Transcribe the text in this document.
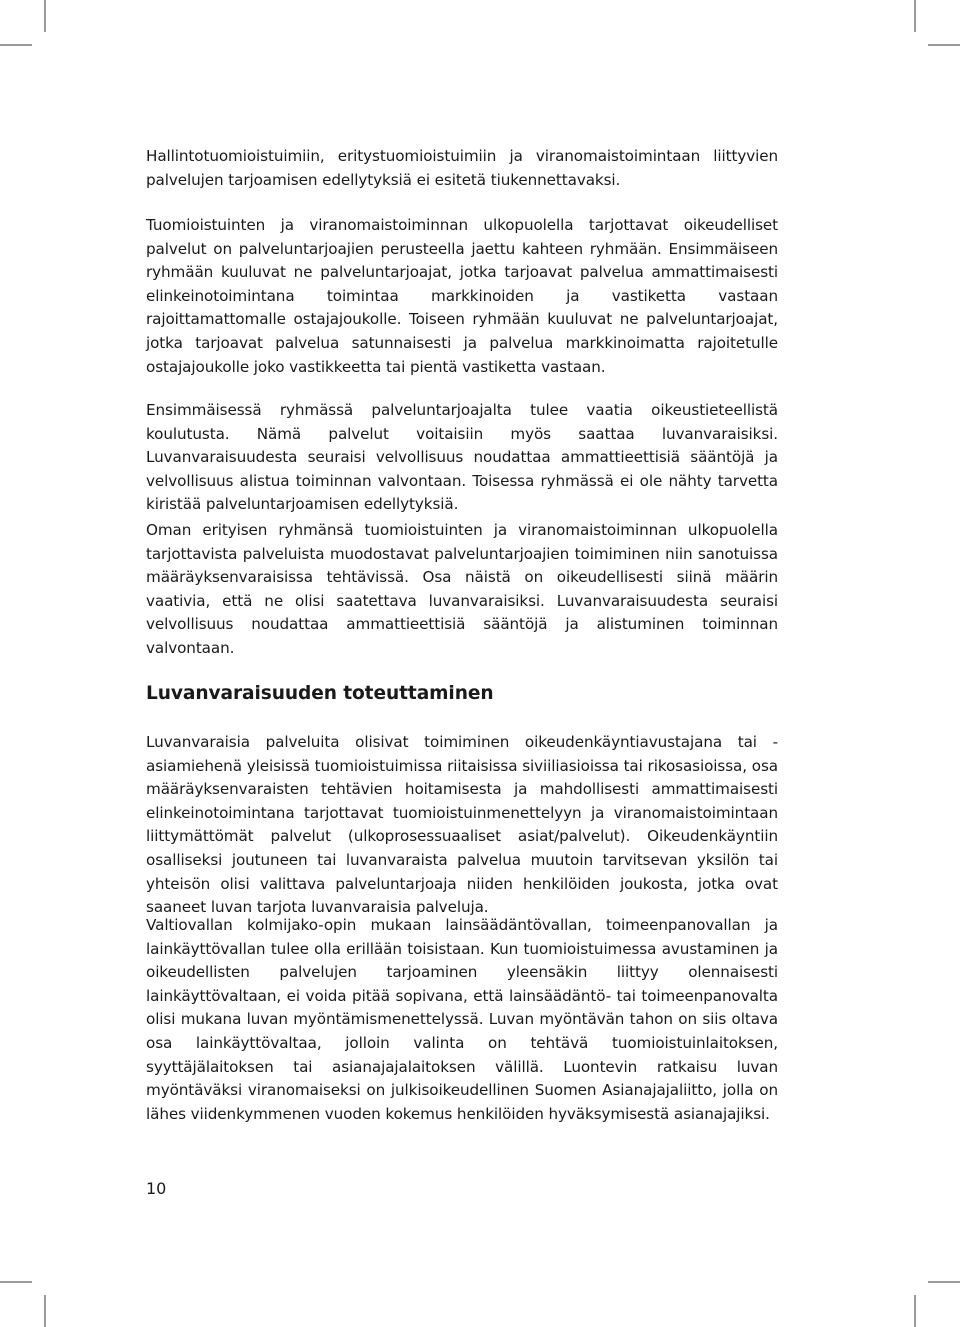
Hallintotuomioistuimiin, eritystuomioistuimiin ja viranomaistoimintaan liittyvien palvelujen tarjoamisen edellytyksiä ei esitetä tiukennettavaksi.

Tuomioistuinten ja viranomaistoiminnan ulkopuolella tarjottavat oikeudelliset palvelut on palveluntarjoajien perusteella jaettu kahteen ryhmään. Ensimmäiseen ryhmään kuuluvat ne palveluntarjoajat, jotka tarjoavat palvelua ammattimaisesti elinkeinotoimintana toimintaa markkinoiden ja vastiketta vastaan rajoittamattomalle ostajajoukolle. Toiseen ryhmään kuuluvat ne palveluntarjoajat, jotka tarjoavat palvelua satunnaisesti ja palvelua markkinoimatta rajoitetulle ostajajoukolle joko vastikkeetta tai pientä vastiketta vastaan.

Ensimmäisessä ryhmässä palveluntarjoajalta tulee vaatia oikeustieteellistä koulutusta. Nämä palvelut voitaisiin myös saattaa luvanvaraisiksi. Luvanvaraisuudesta seuraisi velvollisuus noudattaa ammattieettisiä sääntöjä ja velvollisuus alistua toiminnan valvontaan. Toisessa ryhmässä ei ole nähty tarvetta kiristää palveluntarjoamisen edellytyksiä.

Oman erityisen ryhmänsä tuomioistuinten ja viranomaistoiminnan ulkopuolella tarjottavista palveluista muodostavat palveluntarjoajien toimiminen niin sanotuissa määräyksenvaraisissa tehtävissä. Osa näistä on oikeudellisesti siinä määrin vaativia, että ne olisi saatettava luvanvaraisiksi. Luvanvaraisuudesta seuraisi velvollisuus noudattaa ammattieettisiä sääntöjä ja alistuminen toiminnan valvontaan.

Luvanvaraisuuden toteuttaminen

Luvanvaraisia palveluita olisivat toimiminen oikeudenkäyntiavustajana tai -asiamiehenä yleisissä tuomioistuimissa riitaisissa siviiliasioissa tai rikosasioissa, osa määräyksenvaraisten tehtävien hoitamisesta ja mahdollisesti ammattimaisesti elinkeinotoimintana tarjottavat tuomioistuinmenettelyyn ja viranomaistoimintaan liittymättömät palvelut (ulkoprosessuaaliset asiat/palvelut). Oikeudenkäyntiin osalliseksi joutuneen tai luvanvaraista palvelua muutoin tarvitsevan yksilön tai yhteisön olisi valittava palveluntarjoaja niiden henkilöiden joukosta, jotka ovat saaneet luvan tarjota luvanvaraisia palveluja.

Valtiovallan kolmijako-opin mukaan lainsäädäntövallan, toimeenpanovallan ja lainkäyttövallan tulee olla erillään toisistaan. Kun tuomioistuimessa avustaminen ja oikeudellisten palvelujen tarjoaminen yleensäkin liittyy olennaisesti lainkäyttövaltaan, ei voida pitää sopivana, että lainsäädäntö- tai toimeenpanovalta olisi mukana luvan myöntämismenettelyssä. Luvan myöntävän tahon on siis oltava osa lainkäyttövaltaa, jolloin valinta on tehtävä tuomioistuinlaitoksen, syyttäjälaitoksen tai asianajajalaitoksen välillä. Luontevin ratkaisu luvan myöntäväksi viranomaiseksi on julkisoikeudellinen Suomen Asianajajaliitto, jolla on lähes viidenkymmenen vuoden kokemus henkilöiden hyväksymisestä asianajajiksi.

10
